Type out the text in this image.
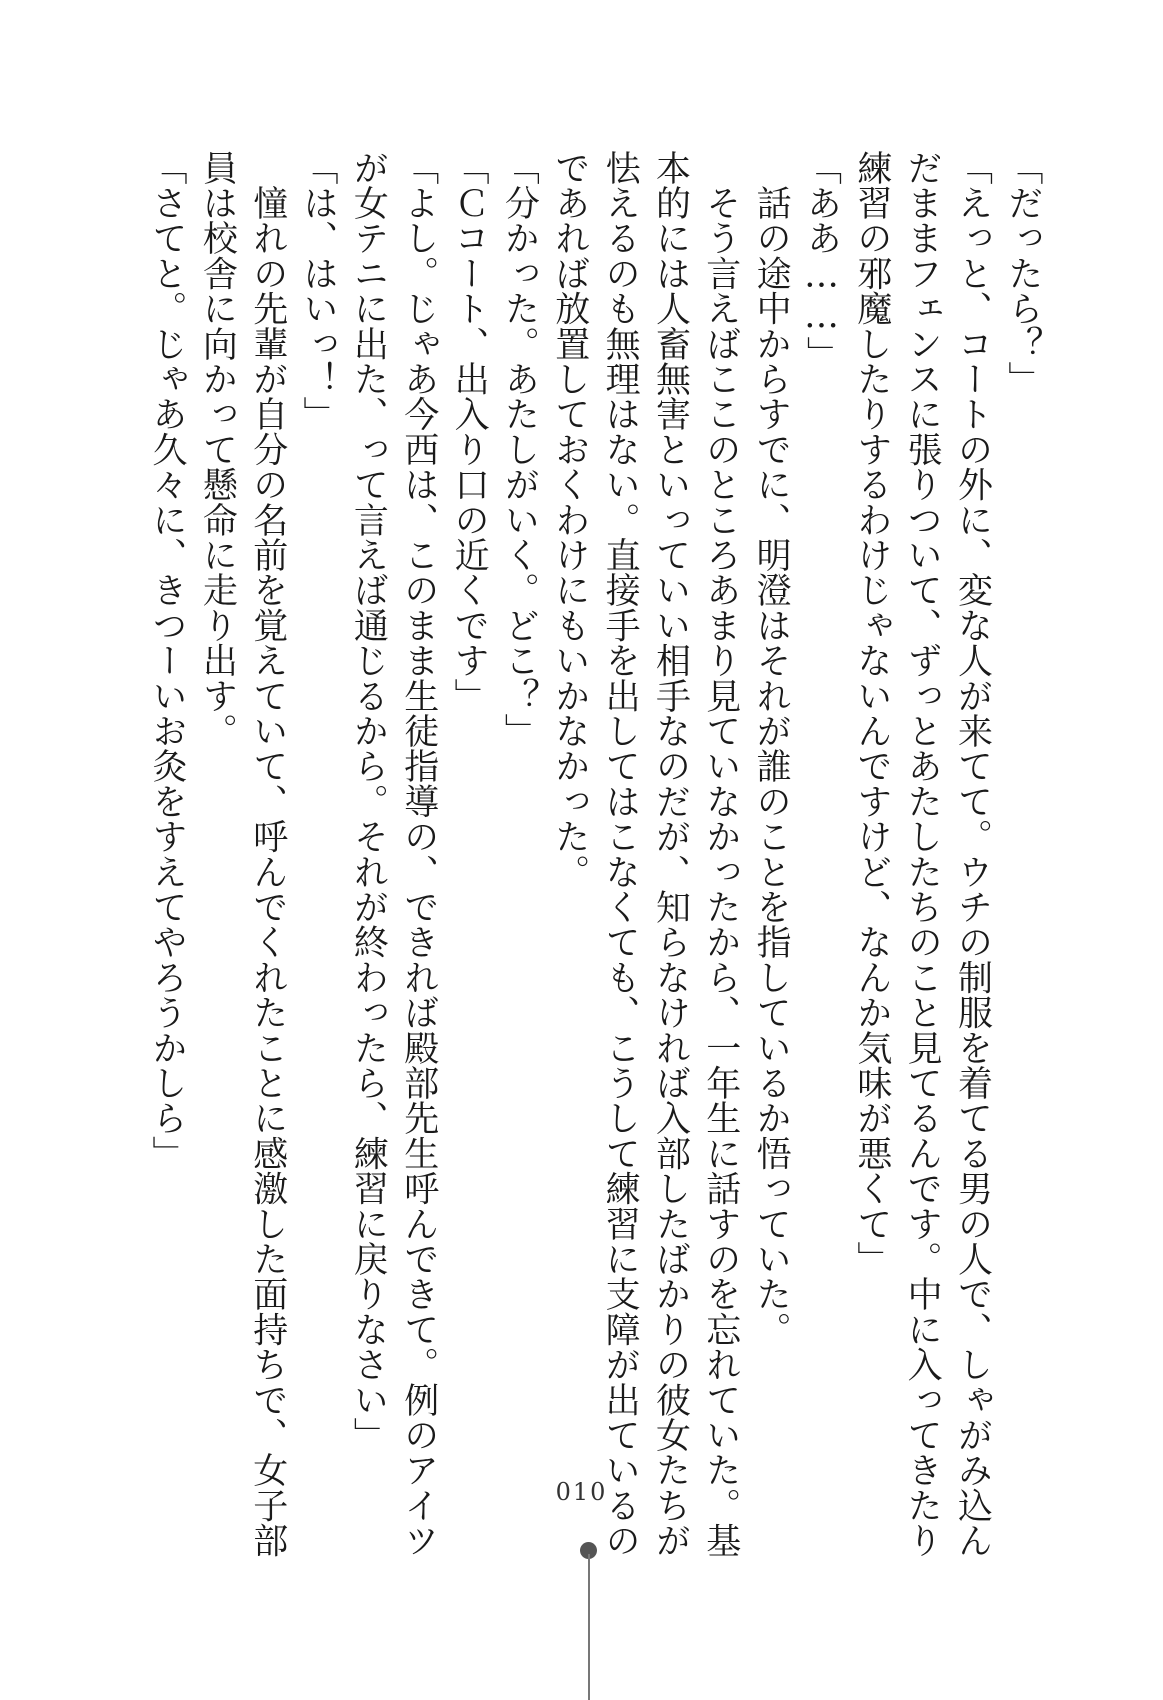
「だったら？」
「えっと、コートの外に、変な人が来てて。ウチの制服を着てる男の人で、しゃがみ込ん
だままフェンスに張りついて、ずっとあたしたちのこと見てるんです。中に入ってきたり
練習の邪魔したりするわけじゃないんですけど、なんか気味が悪くて」
「ああ……」
　話の途中からすでに、明澄はそれが誰のことを指しているか悟っていた。
　そう言えばここのところあまり見ていなかったから、一年生に話すのを忘れていた。基
本的には人畜無害といっていい相手なのだが、知らなければ入部したばかりの彼女たちが
怯えるのも無理はない。直接手を出してはこなくても、こうして練習に支障が出ているの
であれば放置しておくわけにもいかなかった。
「分かった。あたしがいく。どこ？」
「Ｃコート、出入り口の近くです」
「よし。じゃあ今西は、このまま生徒指導の、できれば殿部先生呼んできて。例のアイツ
が女テニに出た、って言えば通じるから。それが終わったら、練習に戻りなさい」
「は、はいっ！」
　憧れの先輩が自分の名前を覚えていて、呼んでくれたことに感激した面持ちで、女子部
員は校舎に向かって懸命に走り出す。
「さてと。じゃあ久々に、きつーいお灸をすえてやろうかしら」
010
